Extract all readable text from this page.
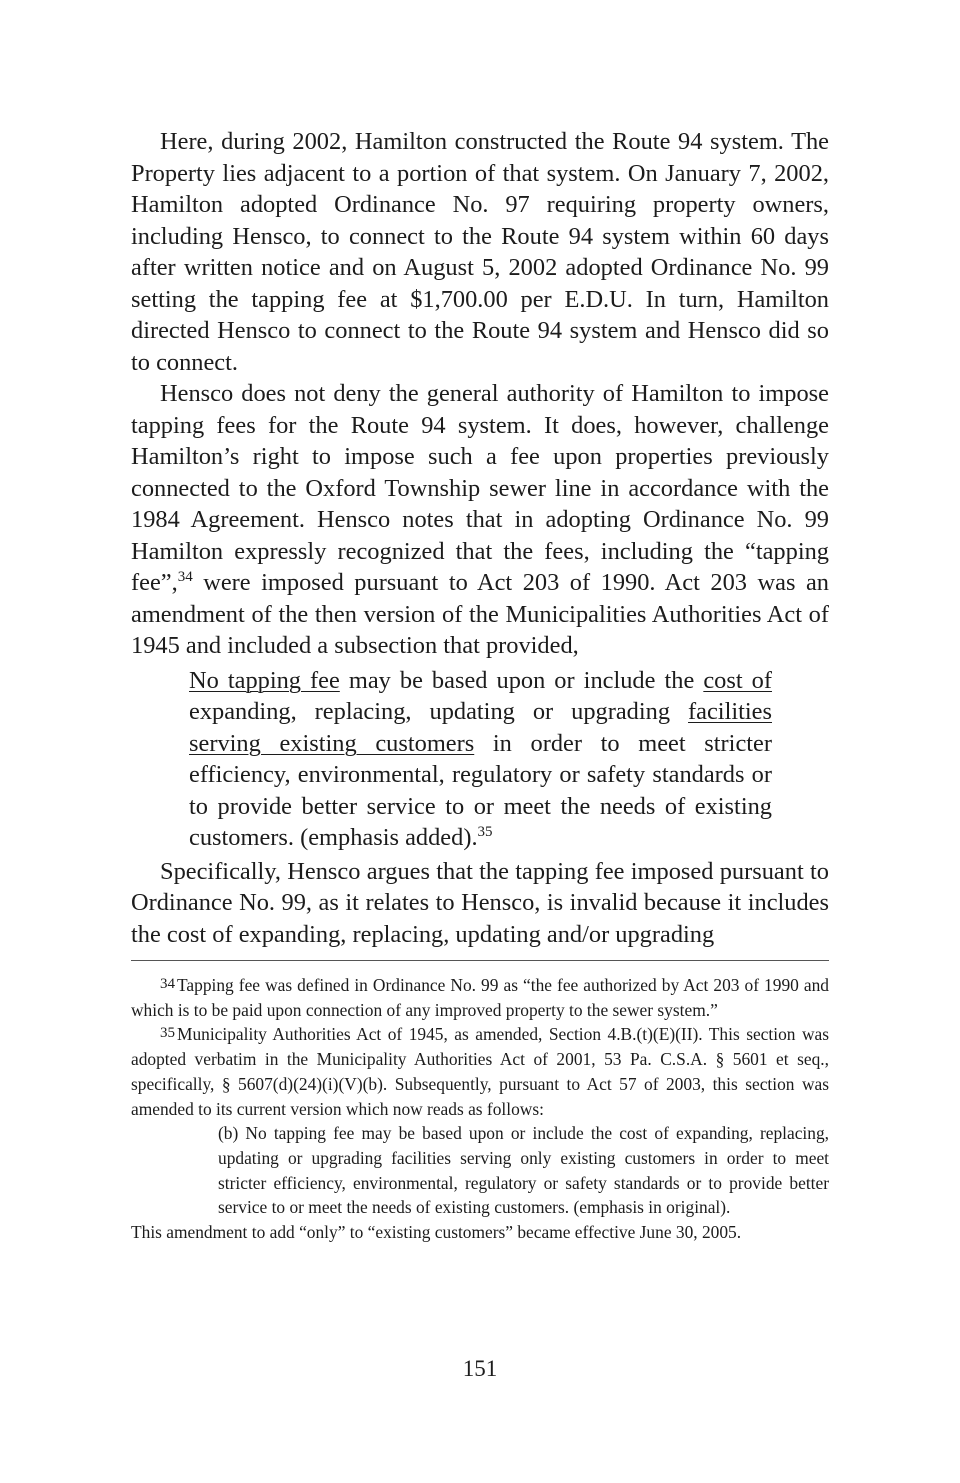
Here, during 2002, Hamilton constructed the Route 94 system. The Property lies adjacent to a portion of that system. On January 7, 2002, Hamilton adopted Ordinance No. 97 requiring property owners, including Hensco, to connect to the Route 94 system within 60 days after written notice and on August 5, 2002 adopted Ordinance No. 99 setting the tapping fee at $1,700.00 per E.D.U. In turn, Hamilton directed Hensco to connect to the Route 94 system and Hensco did so to connect.

Hensco does not deny the general authority of Hamilton to impose tapping fees for the Route 94 system. It does, however, challenge Hamilton’s right to impose such a fee upon properties previously connected to the Oxford Township sewer line in accordance with the 1984 Agreement. Hensco notes that in adopting Ordinance No. 99 Hamilton expressly recognized that the fees, including the “tapping fee”,$^{34}$ were imposed pursuant to Act 203 of 1990. Act 203 was an amendment of the then version of the Municipalities Authorities Act of 1945 and included a subsection that provided,

No tapping fee may be based upon or include the cost of expanding, replacing, updating or upgrading facilities serving existing customers in order to meet stricter efficiency, environmental, regulatory or safety standards or to provide better service to or meet the needs of existing customers. (emphasis added).$^{35}$

Specifically, Hensco argues that the tapping fee imposed pursuant to Ordinance No. 99, as it relates to Hensco, is invalid because it includes the cost of expanding, replacing, updating and/or upgrading

34 Tapping fee was defined in Ordinance No. 99 as “the fee authorized by Act 203 of 1990 and which is to be paid upon connection of any improved property to the sewer system.”

35 Municipality Authorities Act of 1945, as amended, Section 4.B.(t)(E)(II). This section was adopted verbatim in the Municipality Authorities Act of 2001, 53 Pa. C.S.A. § 5601 et seq., specifically, § 5607(d)(24)(i)(V)(b). Subsequently, pursuant to Act 57 of 2003, this section was amended to its current version which now reads as follows:

(b) No tapping fee may be based upon or include the cost of expanding, replacing, updating or upgrading facilities serving only existing customers in order to meet stricter efficiency, environmental, regulatory or safety standards or to provide better service to or meet the needs of existing customers. (emphasis in original).

This amendment to add “only” to “existing customers” became effective June 30, 2005.

151
